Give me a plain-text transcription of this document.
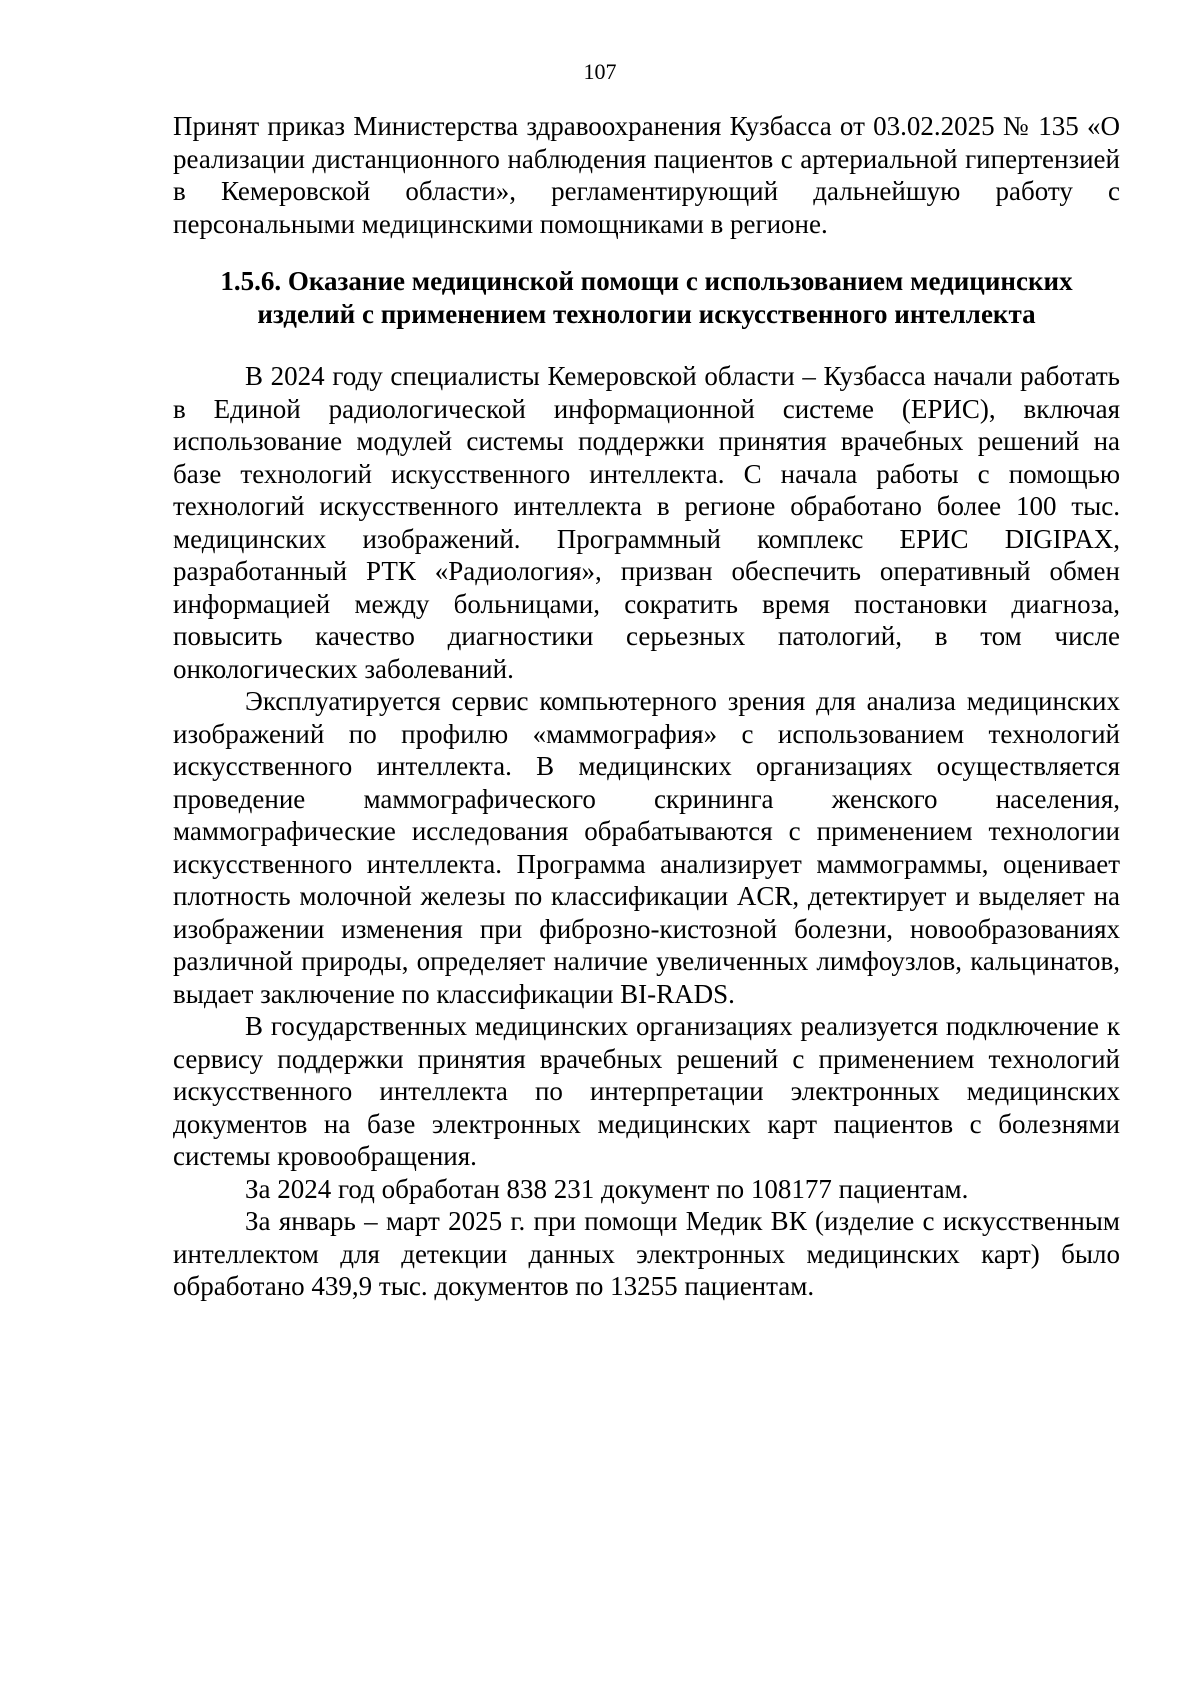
107

Принят приказ Министерства здравоохранения Кузбасса от 03.02.2025 № 135 «О реализации дистанционного наблюдения пациентов с артериальной гипертензией в Кемеровской области», регламентирующий дальнейшую работу с персональными медицинскими помощниками в регионе.

1.5.6. Оказание медицинской помощи с использованием медицинских
изделий с применением технологии искусственного интеллекта

В 2024 году специалисты Кемеровской области – Кузбасса начали работать в Единой радиологической информационной системе (ЕРИС), включая использование модулей системы поддержки принятия врачебных решений на базе технологий искусственного интеллекта. С начала работы с помощью технологий искусственного интеллекта в регионе обработано более 100 тыс. медицинских изображений. Программный комплекс ЕРИС DIGIPAX, разработанный РТК «Радиология», призван обеспечить оперативный обмен информацией между больницами, сократить время постановки диагноза, повысить качество диагностики серьезных патологий, в том числе онкологических заболеваний.

Эксплуатируется сервис компьютерного зрения для анализа медицинских изображений по профилю «маммография» с использованием технологий искусственного интеллекта. В медицинских организациях осуществляется проведение маммографического скрининга женского населения, маммографические исследования обрабатываются с применением технологии искусственного интеллекта. Программа анализирует маммограммы, оценивает плотность молочной железы по классификации ACR, детектирует и выделяет на изображении изменения при фиброзно-кистозной болезни, новообразованиях различной природы, определяет наличие увеличенных лимфоузлов, кальцинатов, выдает заключение по классификации BI-RADS.

В государственных медицинских организациях реализуется подключение к сервису поддержки принятия врачебных решений с применением технологий искусственного интеллекта по интерпретации электронных медицинских документов на базе электронных медицинских карт пациентов с болезнями системы кровообращения.

За 2024 год обработан 838 231 документ по 108177 пациентам.

За январь – март 2025 г. при помощи Медик ВК (изделие с искусственным интеллектом для детекции данных электронных медицинских карт) было обработано 439,9 тыс. документов по 13255 пациентам.
